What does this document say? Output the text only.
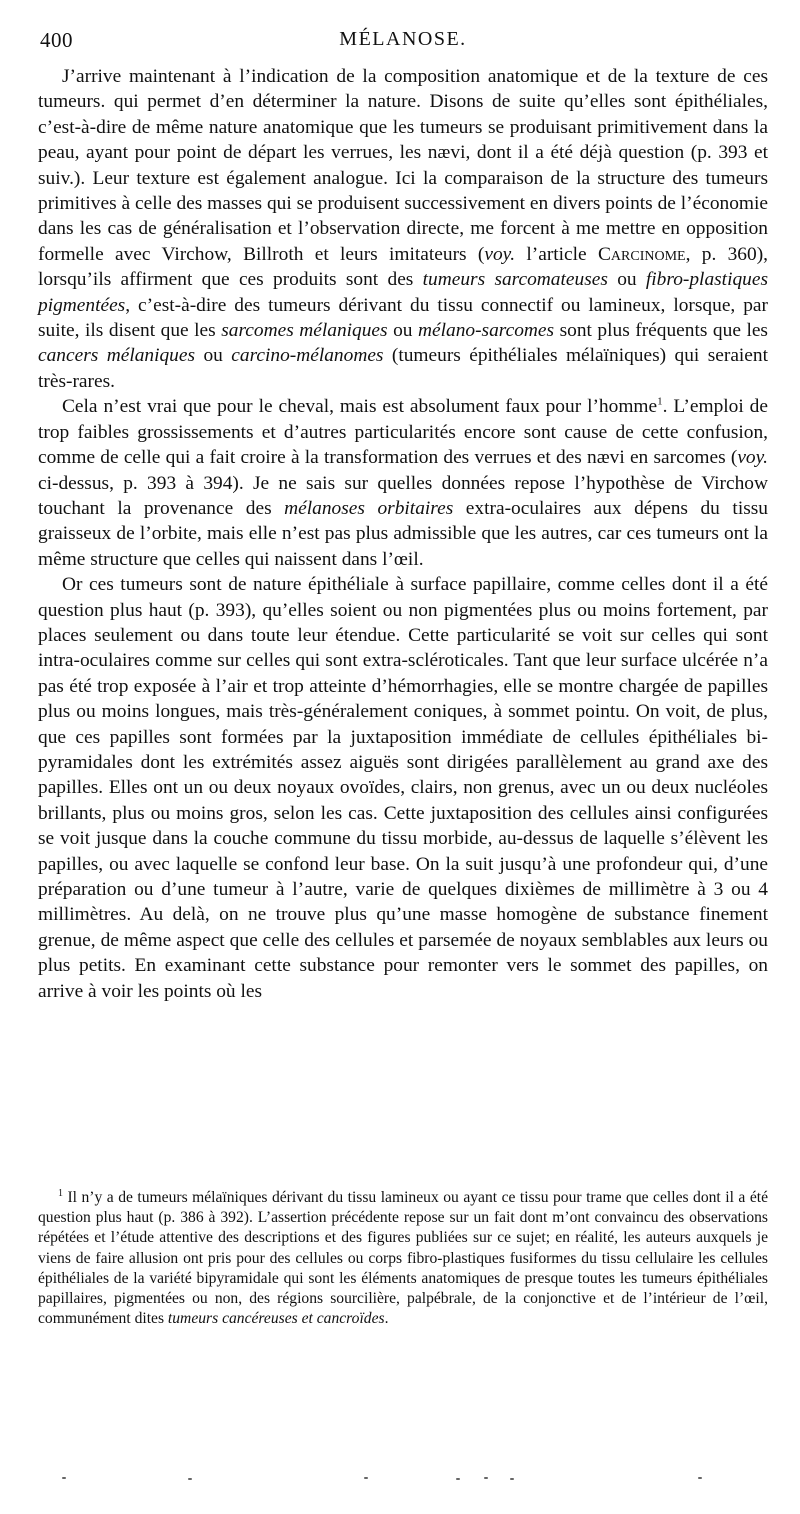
400	MÉLANOSE.

J’arrive maintenant à l’indication de la composition anatomique et de la texture de ces tumeurs. qui permet d’en déterminer la nature. Disons de suite qu’elles sont épithéliales, c’est-à-dire de même nature anatomique que les tumeurs se produisant primitivement dans la peau, ayant pour point de départ les verrues, les nævi, dont il a été déjà question (p. 393 et suiv.). Leur texture est également analogue. Ici la comparaison de la structure des tumeurs primitives à celle des masses qui se produisent successivement en divers points de l’économie dans les cas de généralisation et l’observation directe, me forcent à me mettre en opposition formelle avec Virchow, Billroth et leurs imitateurs (voy. l’article Carcinome, p. 360), lorsqu’ils affirment que ces produits sont des tumeurs sarcomateuses ou fibro-plastiques pigmentées, c’est-à-dire des tumeurs dérivant du tissu connectif ou lamineux, lorsque, par suite, ils disent que les sarcomes mélaniques ou mélano-sarcomes sont plus fréquents que les cancers mélaniques ou carcino-mélanomes (tumeurs épithéliales mélaïniques) qui seraient très-rares.

Cela n’est vrai que pour le cheval, mais est absolument faux pour l’homme$^1$. L’emploi de trop faibles grossissements et d’autres particularités encore sont cause de cette confusion, comme de celle qui a fait croire à la transformation des verrues et des nævi en sarcomes (voy. ci-dessus, p. 393 à 394). Je ne sais sur quelles données repose l’hypothèse de Virchow touchant la provenance des mélanoses orbitaires extra-oculaires aux dépens du tissu graisseux de l’orbite, mais elle n’est pas plus admissible que les autres, car ces tumeurs ont la même structure que celles qui naissent dans l’œil.

Or ces tumeurs sont de nature épithéliale à surface papillaire, comme celles dont il a été question plus haut (p. 393), qu’elles soient ou non pigmentées plus ou moins fortement, par places seulement ou dans toute leur étendue. Cette particularité se voit sur celles qui sont intra-oculaires comme sur celles qui sont extra-scléroticales. Tant que leur surface ulcérée n’a pas été trop exposée à l’air et trop atteinte d’hémorrhagies, elle se montre chargée de papilles plus ou moins longues, mais très-généralement coniques, à sommet pointu. On voit, de plus, que ces papilles sont formées par la juxtaposition immédiate de cellules épithéliales bi-pyramidales dont les extrémités assez aiguës sont dirigées parallèlement au grand axe des papilles. Elles ont un ou deux noyaux ovoïdes, clairs, non grenus, avec un ou deux nucléoles brillants, plus ou moins gros, selon les cas. Cette juxtaposition des cellules ainsi configurées se voit jusque dans la couche commune du tissu morbide, au-dessus de laquelle s’élèvent les papilles, ou avec laquelle se confond leur base. On la suit jusqu’à une profondeur qui, d’une préparation ou d’une tumeur à l’autre, varie de quelques dixièmes de millimètre à 3 ou 4 millimètres. Au delà, on ne trouve plus qu’une masse homogène de substance finement grenue, de même aspect que celle des cellules et parsemée de noyaux semblables aux leurs ou plus petits. En examinant cette substance pour remonter vers le sommet des papilles, on arrive à voir les points où les

$^1$ Il n’y a de tumeurs mélaïniques dérivant du tissu lamineux ou ayant ce tissu pour trame que celles dont il a été question plus haut (p. 386 à 392). L’assertion précédente repose sur un fait dont m’ont convaincu des observations répétées et l’étude attentive des descriptions et des figures publiées sur ce sujet; en réalité, les auteurs auxquels je viens de faire allusion ont pris pour des cellules ou corps fibro-plastiques fusiformes du tissu cellulaire les cellules épithéliales de la variété bipyramidale qui sont les éléments anatomiques de presque toutes les tumeurs épithéliales papillaires, pigmentées ou non, des régions sourcilière, palpébrale, de la conjonctive et de l’intérieur de l’œil, communément dites tumeurs cancéreuses et cancroïdes.
